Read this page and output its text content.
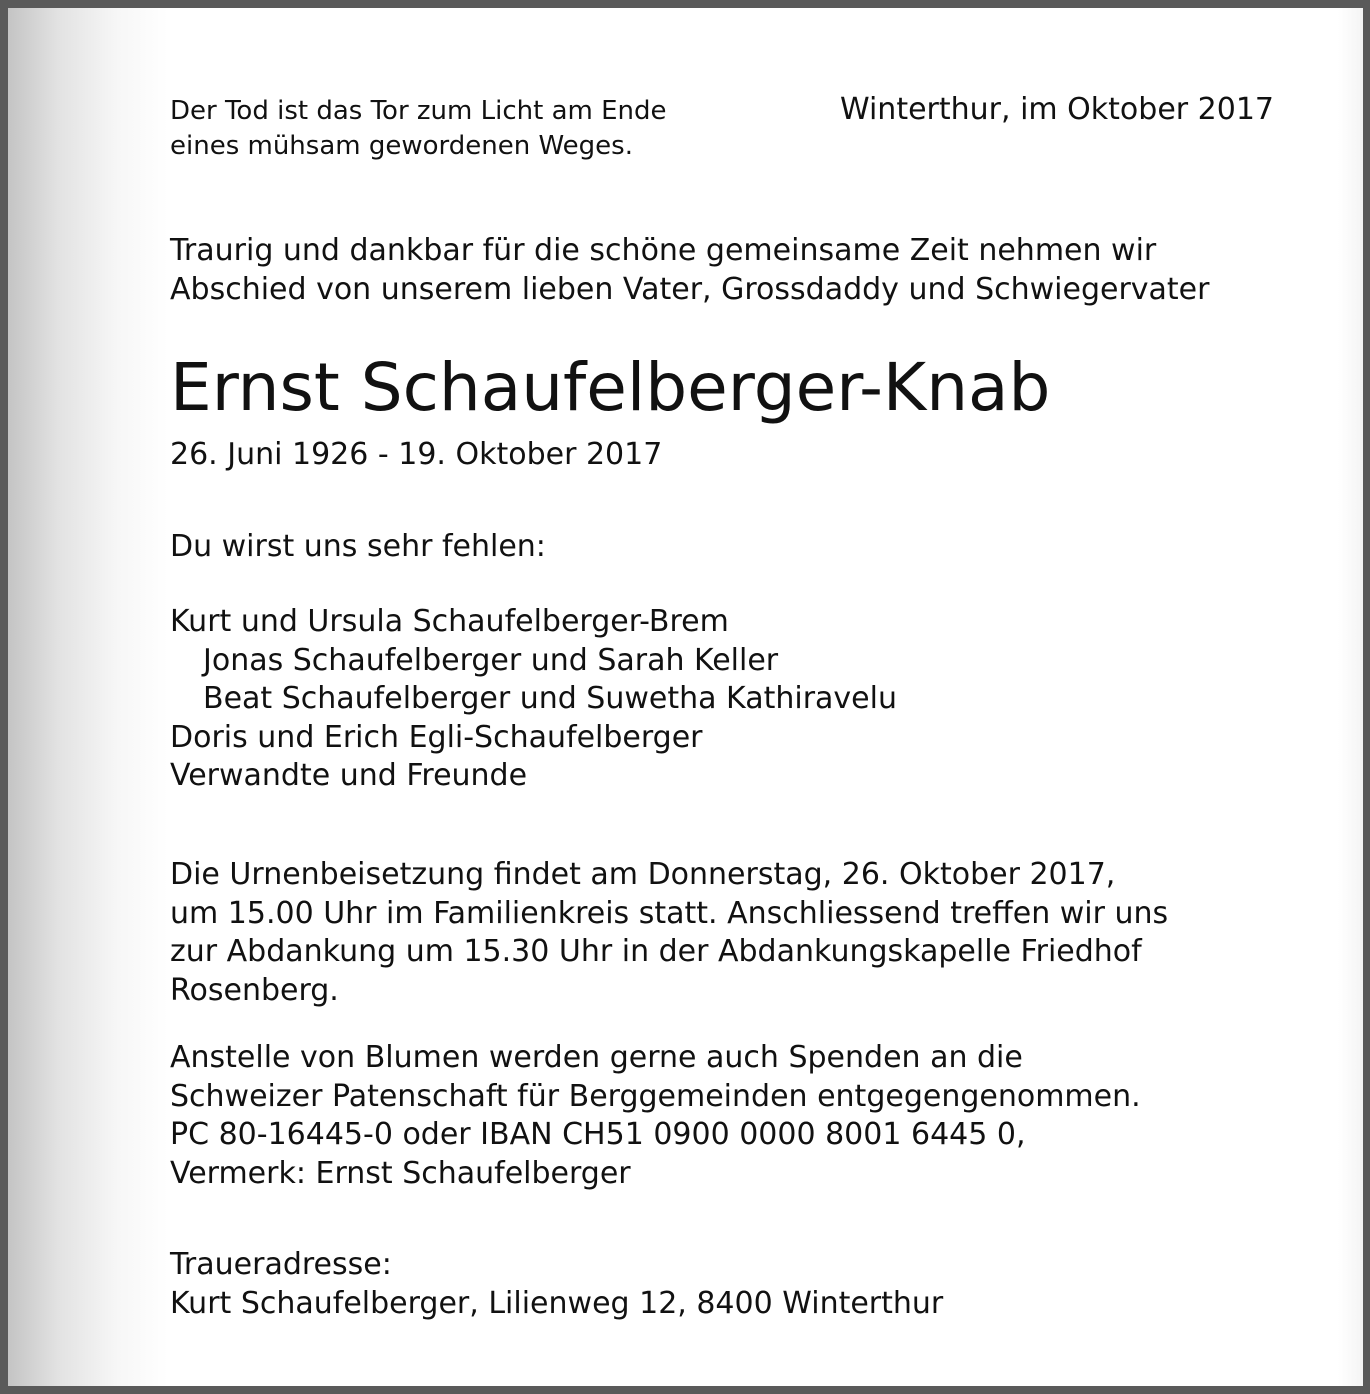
Der Tod ist das Tor zum Licht am Ende
eines mühsam gewordenen Weges.

Winterthur, im Oktober 2017

Traurig und dankbar für die schöne gemeinsame Zeit nehmen wir
Abschied von unserem lieben Vater, Grossdaddy und Schwiegervater

Ernst Schaufelberger-Knab

26. Juni 1926 - 19. Oktober 2017

Du wirst uns sehr fehlen:

Kurt und Ursula Schaufelberger-Brem
Jonas Schaufelberger und Sarah Keller
Beat Schaufelberger und Suwetha Kathiravelu
Doris und Erich Egli-Schaufelberger
Verwandte und Freunde

Die Urnenbeisetzung findet am Donnerstag, 26. Oktober 2017,
um 15.00 Uhr im Familienkreis statt. Anschliessend treffen wir uns
zur Abdankung um 15.30 Uhr in der Abdankungskapelle Friedhof
Rosenberg.

Anstelle von Blumen werden gerne auch Spenden an die
Schweizer Patenschaft für Berggemeinden entgegengenommen.
PC 80-16445-0 oder IBAN CH51 0900 0000 8001 6445 0,
Vermerk: Ernst Schaufelberger

Traueradresse:
Kurt Schaufelberger, Lilienweg 12, 8400 Winterthur
